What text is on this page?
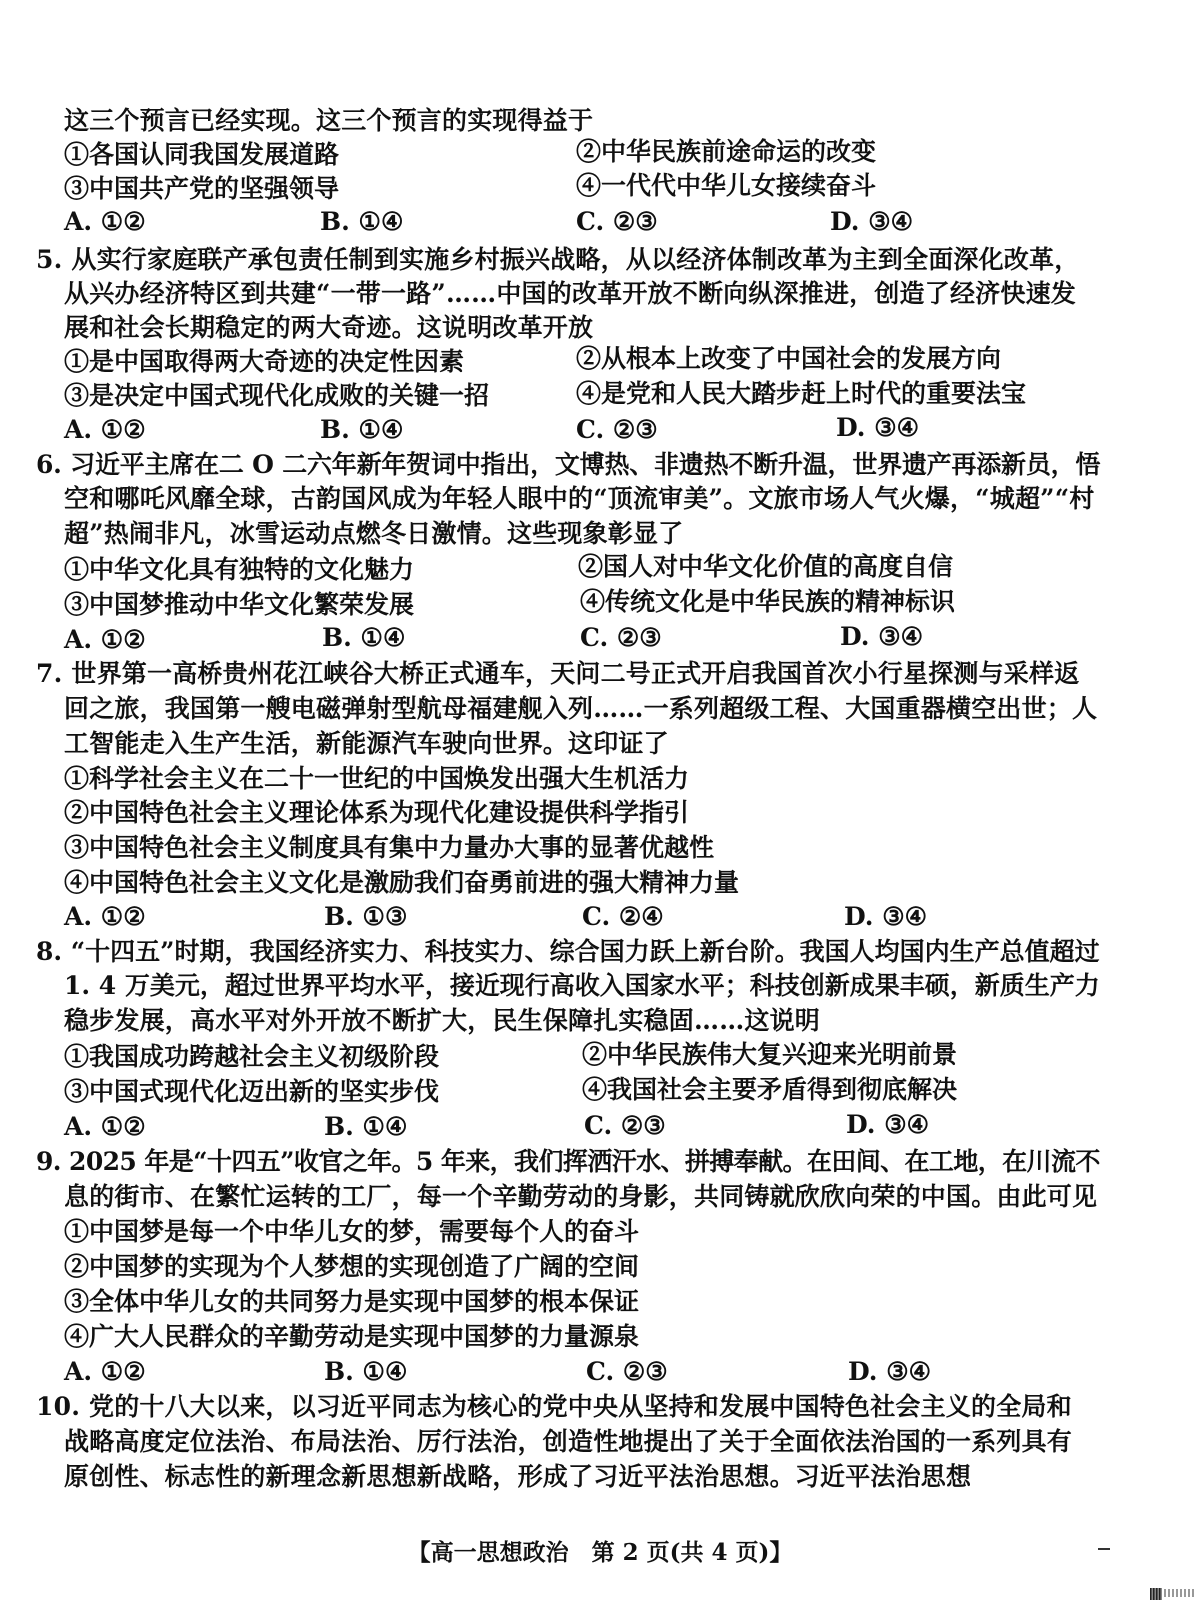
这三个预言已经实现。这三个预言的实现得益于
①各国认同我国发展道路	②中华民族前途命运的改变
③中国共产党的坚强领导	④一代代中华儿女接续奋斗
A. ①②	B. ①④	C. ②③	D. ③④
5. 从实行家庭联产承包责任制到实施乡村振兴战略，从以经济体制改革为主到全面深化改革，
从兴办经济特区到共建“一带一路”……中国的改革开放不断向纵深推进，创造了经济快速发
展和社会长期稳定的两大奇迹。这说明改革开放
①是中国取得两大奇迹的决定性因素	②从根本上改变了中国社会的发展方向
③是决定中国式现代化成败的关键一招	④是党和人民大踏步赶上时代的重要法宝
A. ①②	B. ①④	C. ②③	D. ③④
6. 习近平主席在二 O 二六年新年贺词中指出，文博热、非遗热不断升温，世界遗产再添新员，悟
空和哪吒风靡全球，古韵国风成为年轻人眼中的“顶流审美”。文旅市场人气火爆，“城超”“村
超”热闹非凡，冰雪运动点燃冬日激情。这些现象彰显了
①中华文化具有独特的文化魅力	②国人对中华文化价值的高度自信
③中国梦推动中华文化繁荣发展	④传统文化是中华民族的精神标识
A. ①②	B. ①④	C. ②③	D. ③④
7. 世界第一高桥贵州花江峡谷大桥正式通车，天问二号正式开启我国首次小行星探测与采样返
回之旅，我国第一艘电磁弹射型航母福建舰入列……一系列超级工程、大国重器横空出世；人
工智能走入生产生活，新能源汽车驶向世界。这印证了
①科学社会主义在二十一世纪的中国焕发出强大生机活力
②中国特色社会主义理论体系为现代化建设提供科学指引
③中国特色社会主义制度具有集中力量办大事的显著优越性
④中国特色社会主义文化是激励我们奋勇前进的强大精神力量
A. ①②	B. ①③	C. ②④	D. ③④
8. “十四五”时期，我国经济实力、科技实力、综合国力跃上新台阶。我国人均国内生产总值超过
1. 4 万美元，超过世界平均水平，接近现行高收入国家水平；科技创新成果丰硕，新质生产力
稳步发展，高水平对外开放不断扩大，民生保障扎实稳固……这说明
①我国成功跨越社会主义初级阶段	②中华民族伟大复兴迎来光明前景
③中国式现代化迈出新的坚实步伐	④我国社会主要矛盾得到彻底解决
A. ①②	B. ①④	C. ②③	D. ③④
9. 2025 年是“十四五”收官之年。5 年来，我们挥洒汗水、拼搏奉献。在田间、在工地，在川流不
息的街市、在繁忙运转的工厂，每一个辛勤劳动的身影，共同铸就欣欣向荣的中国。由此可见
①中国梦是每一个中华儿女的梦，需要每个人的奋斗
②中国梦的实现为个人梦想的实现创造了广阔的空间
③全体中华儿女的共同努力是实现中国梦的根本保证
④广大人民群众的辛勤劳动是实现中国梦的力量源泉
A. ①②	B. ①④	C. ②③	D. ③④
10. 党的十八大以来，以习近平同志为核心的党中央从坚持和发展中国特色社会主义的全局和
战略高度定位法治、布局法治、厉行法治，创造性地提出了关于全面依法治国的一系列具有
原创性、标志性的新理念新思想新战略，形成了习近平法治思想。习近平法治思想
【高一思想政治　第 2 页(共 4 页)】
